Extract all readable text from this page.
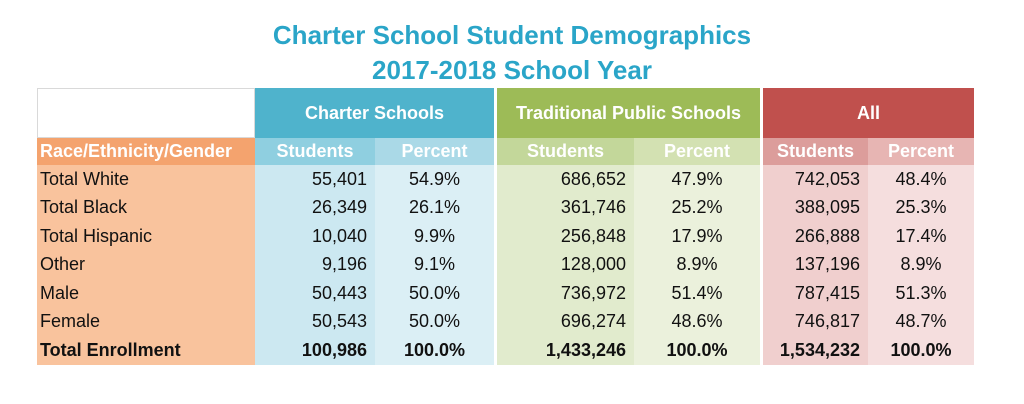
Charter School Student Demographics
2017-2018 School Year
	Charter Schools		Traditional Public Schools		All	
Race/Ethnicity/Gender	Students	Percent	Students	Percent	Students	Percent
Total White	55,401	54.9%	686,652	47.9%	742,053	48.4%
Total Black	26,349	26.1%	361,746	25.2%	388,095	25.3%
Total Hispanic	10,040	9.9%	256,848	17.9%	266,888	17.4%
Other	9,196	9.1%	128,000	8.9%	137,196	8.9%
Male	50,443	50.0%	736,972	51.4%	787,415	51.3%
Female	50,543	50.0%	696,274	48.6%	746,817	48.7%
Total Enrollment	100,986	100.0%	1,433,246	100.0%	1,534,232	100.0%
